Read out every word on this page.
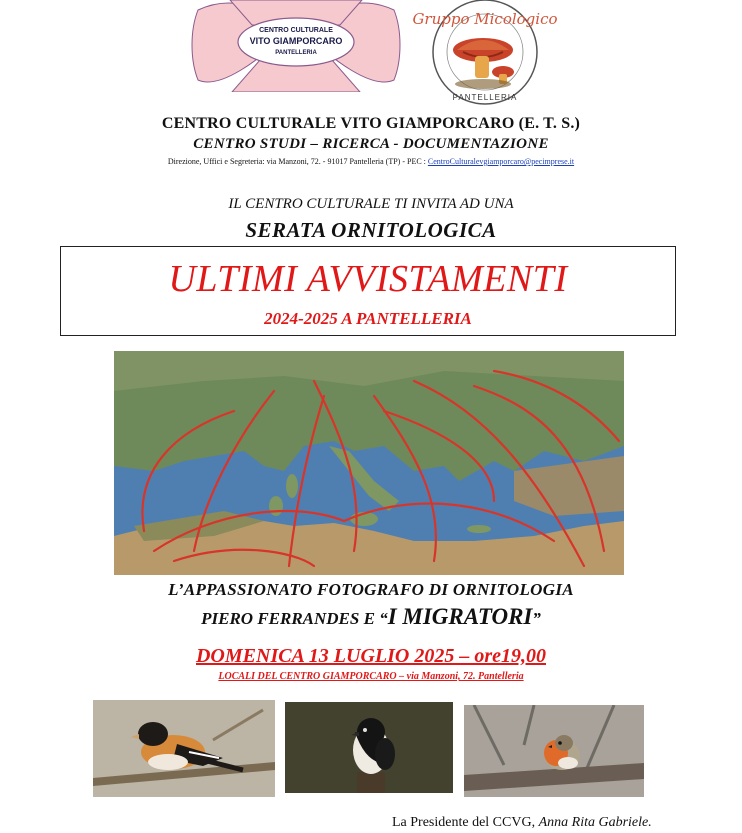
CENTRO CULTURALE
VITO GIAMPORCARO
PANTELLERIA
Gruppo Micologico
PANTELLERIA
CENTRO CULTURALE VITO GIAMPORCARO (E. T. S.)
CENTRO STUDI – RICERCA - DOCUMENTAZIONE
Direzione, Uffici e Segreteria: via Manzoni, 72. - 91017 Pantelleria (TP) - PEC : CentroCulturalevgiamporcaro@pecimprese.it
IL CENTRO CULTURALE TI INVITA AD UNA
SERATA ORNITOLOGICA
ULTIMI AVVISTAMENTI
2024-2025 A PANTELLERIA
L’APPASSIONATO FOTOGRAFO DI ORNITOLOGIA
PIERO FERRANDES E “I MIGRATORI”
DOMENICA 13 LUGLIO 2025 – ore19,00
LOCALI DEL CENTRO GIAMPORCARO – via Manzoni, 72. Pantelleria
La Presidente del CCVG, Anna Rita Gabriele.
